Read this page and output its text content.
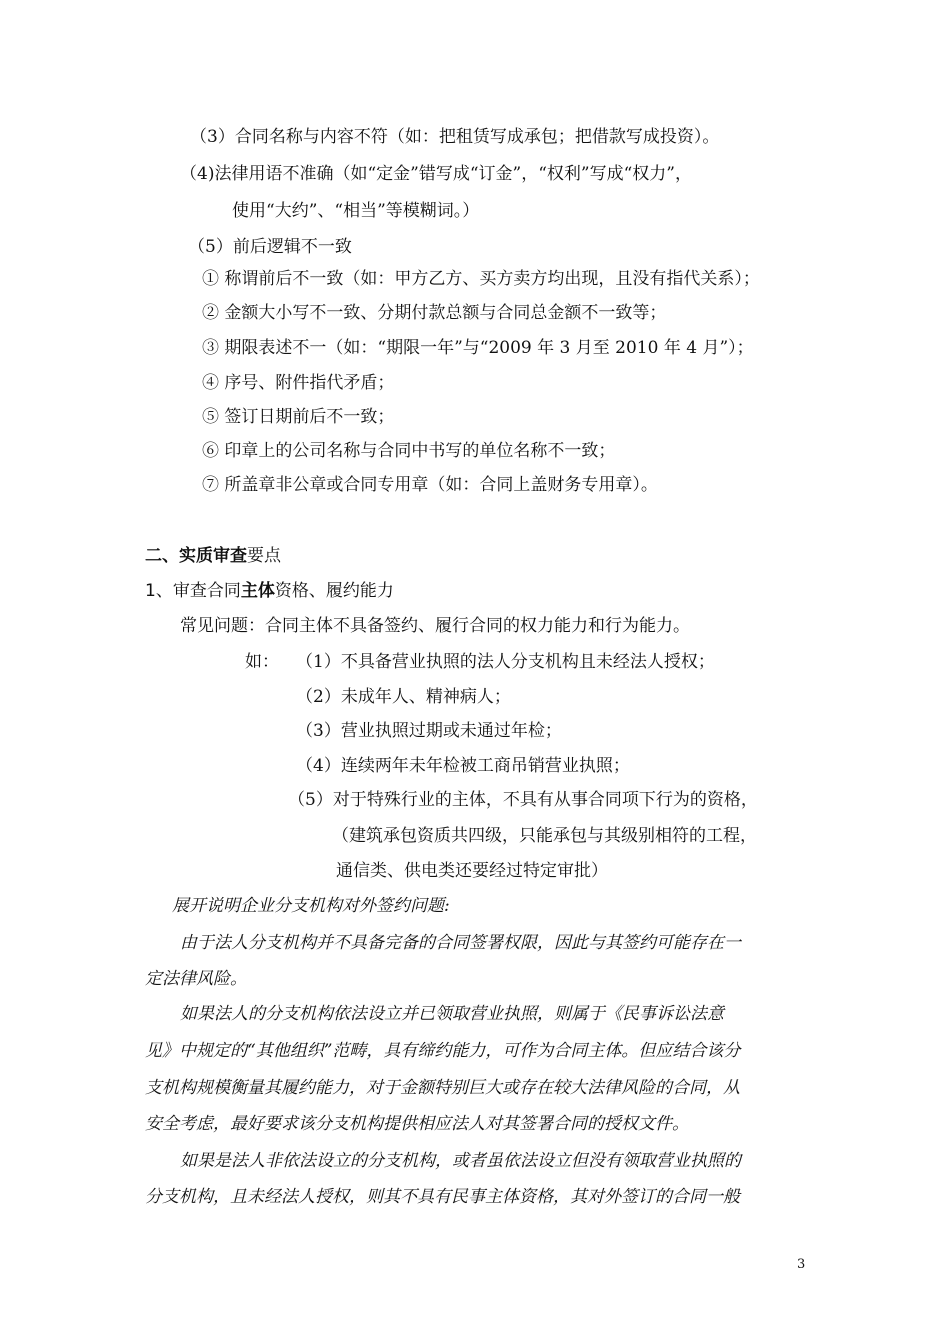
（3）合同名称与内容不符（如：把租赁写成承包；把借款写成投资）。
（4)法律用语不准确（如“定金”错写成“订金”，“权利”写成“权力”，
使用“大约”、“相当”等模糊词。）
（5）前后逻辑不一致
① 称谓前后不一致（如：甲方乙方、买方卖方均出现，且没有指代关系）；
② 金额大小写不一致、分期付款总额与合同总金额不一致等；
③ 期限表述不一（如：“期限一年”与“2009 年 3 月至 2010 年 4 月”）；
④ 序号、附件指代矛盾；
⑤ 签订日期前后不一致；
⑥ 印章上的公司名称与合同中书写的单位名称不一致；
⑦ 所盖章非公章或合同专用章（如：合同上盖财务专用章）。
二、实质审查要点
1、审查合同主体资格、履约能力
常见问题：合同主体不具备签约、履行合同的权力能力和行为能力。
如： （1）不具备营业执照的法人分支机构且未经法人授权；
（2）未成年人、精神病人；
（3）营业执照过期或未通过年检；
（4）连续两年未年检被工商吊销营业执照；
（5）对于特殊行业的主体，不具有从事合同项下行为的资格，
（建筑承包资质共四级，只能承包与其级别相符的工程，
通信类、供电类还要经过特定审批）
展开说明企业分支机构对外签约问题:
由于法人分支机构并不具备完备的合同签署权限，因此与其签约可能存在一
定法律风险。
如果法人的分支机构依法设立并已领取营业执照，则属于《民事诉讼法意
见》中规定的“其他组织”范畴，具有缔约能力，可作为合同主体。但应结合该分
支机构规模衡量其履约能力，对于金额特别巨大或存在较大法律风险的合同，从
安全考虑，最好要求该分支机构提供相应法人对其签署合同的授权文件。
如果是法人非依法设立的分支机构，或者虽依法设立但没有领取营业执照的
分支机构，且未经法人授权，则其不具有民事主体资格，其对外签订的合同一般
3
